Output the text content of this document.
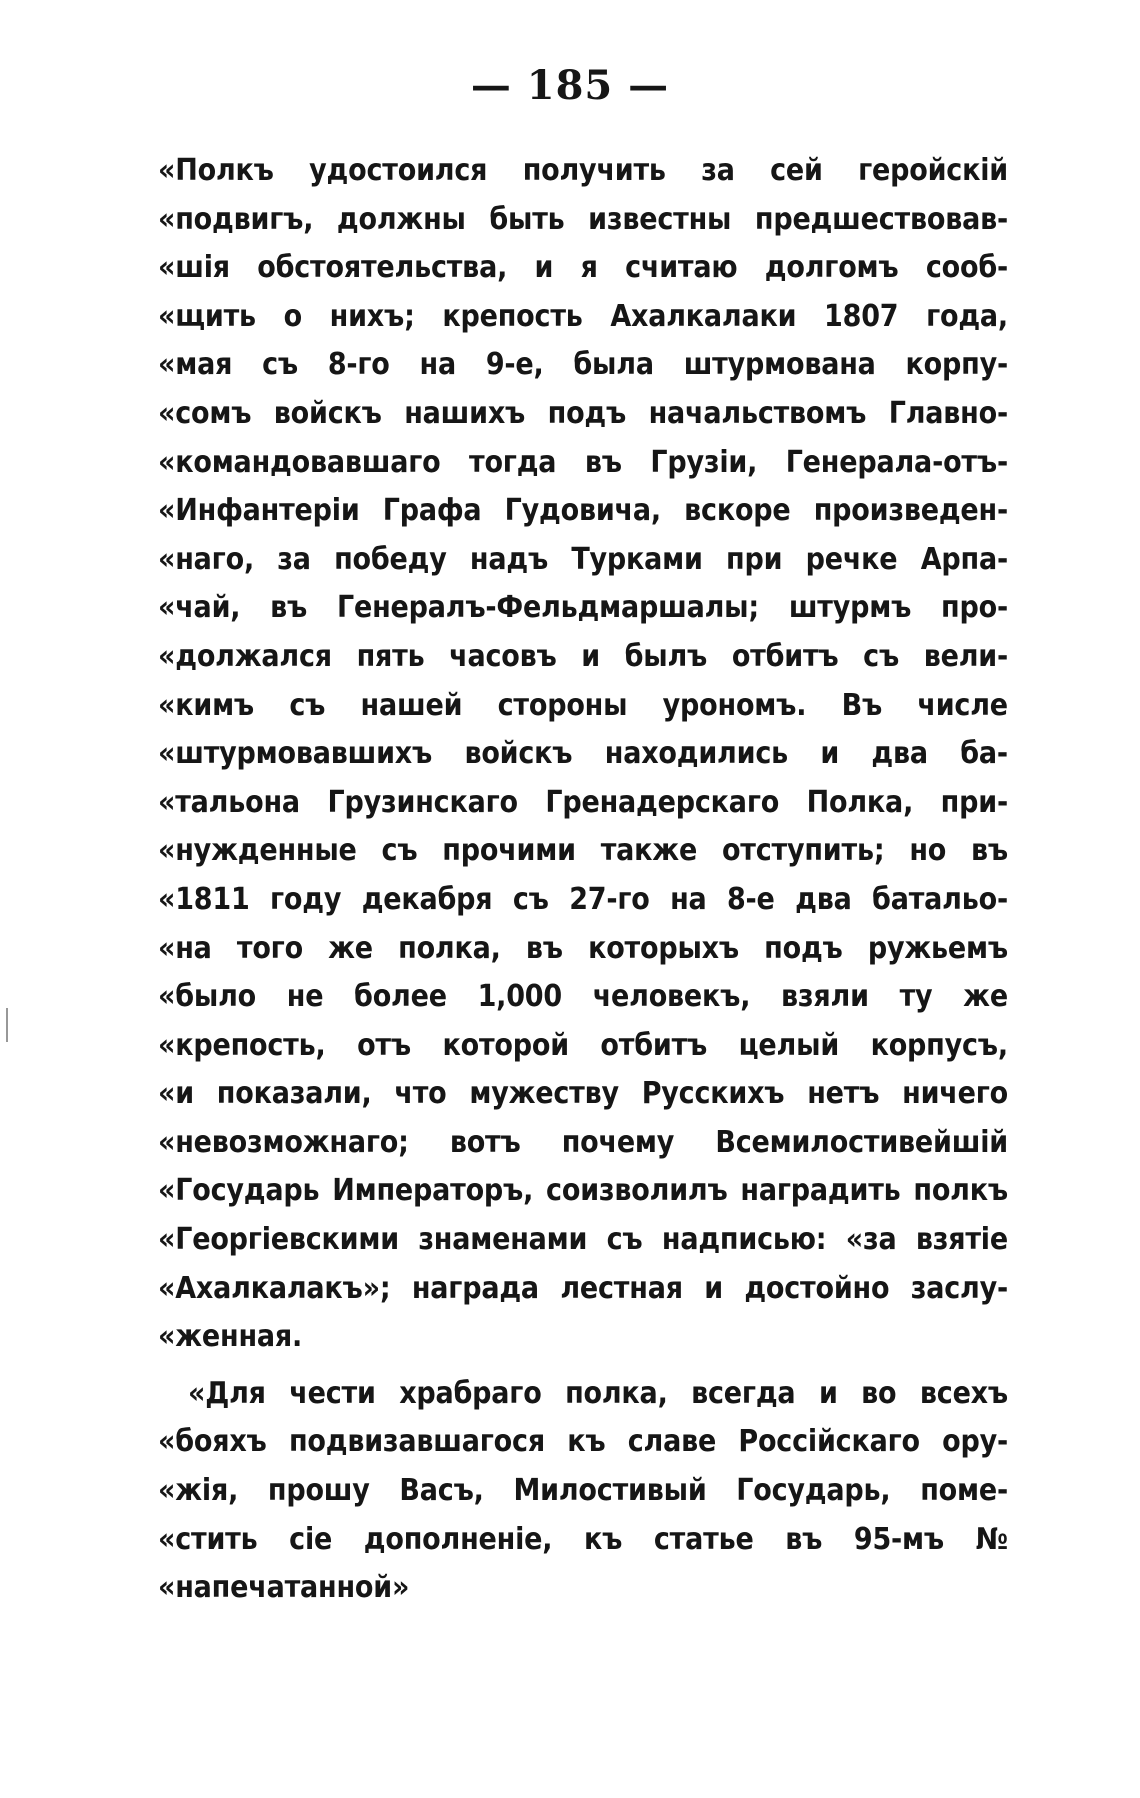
— 185 —
«Полкъ удостоился получить за сей геройскій
«подвигъ, должны быть известны предшествовав-
«шія обстоятельства, и я считаю долгомъ сооб-
«щить о нихъ; крепость Ахалкалаки 1807 года,
«мая съ 8-го на 9-е, была штурмована корпу-
«сомъ войскъ нашихъ подъ начальствомъ Главно-
«командовавшаго тогда въ Грузіи, Генерала-отъ-
«Инфантеріи Графа Гудовича, вскоре произведен-
«наго, за победу надъ Турками при речке Арпа-
«чай, въ Генералъ-Фельдмаршалы; штурмъ про-
«должался пять часовъ и былъ отбитъ съ вели-
«кимъ съ нашей стороны урономъ. Въ числе
«штурмовавшихъ войскъ находились и два ба-
«тальона Грузинскаго Гренадерскаго Полка, при-
«нужденные съ прочими также отступить; но въ
«1811 году декабря съ 27-го на 8-е два батальо-
«на того же полка, въ которыхъ подъ ружьемъ
«было не более 1,000 человекъ, взяли ту же
«крепость, отъ которой отбитъ целый корпусъ,
«и показали, что мужеству Русскихъ нетъ ничего
«невозможнаго; вотъ почему Всемилостивейшій
«Государь Императоръ, соизволилъ наградить полкъ
«Георгіевскими знаменами съ надписью: «за взятіе
«Ахалкалакъ»; награда лестная и достойно заслу-
«женная.
«Для чести храбраго полка, всегда и во всехъ
«бояхъ подвизавшагося къ славе Россійскаго ору-
«жія, прошу Васъ, Милостивый Государь, поме-
«стить сіе дополненіе, къ статье въ 95-мъ №
«напечатанной»
